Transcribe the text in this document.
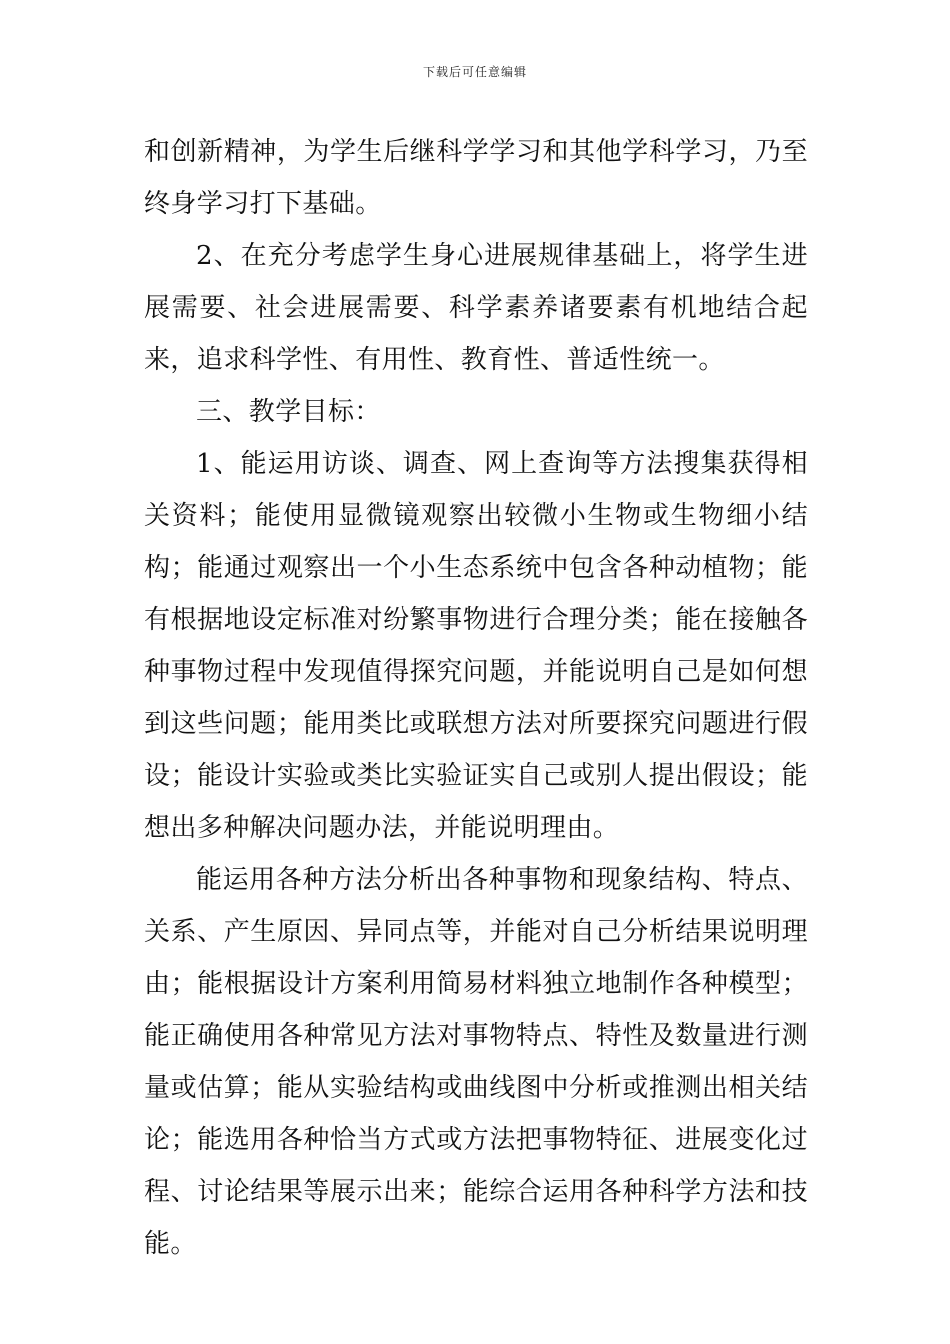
下载后可任意编辑

和创新精神，为学生后继科学学习和其他学科学习，乃至终身学习打下基础。

2、在充分考虑学生身心进展规律基础上，将学生进展需要、社会进展需要、科学素养诸要素有机地结合起来，追求科学性、有用性、教育性、普适性统一。

三、教学目标：

1、能运用访谈、调查、网上查询等方法搜集获得相关资料；能使用显微镜观察出较微小生物或生物细小结构；能通过观察出一个小生态系统中包含各种动植物；能有根据地设定标准对纷繁事物进行合理分类；能在接触各种事物过程中发现值得探究问题，并能说明自己是如何想到这些问题；能用类比或联想方法对所要探究问题进行假设；能设计实验或类比实验证实自己或别人提出假设；能想出多种解决问题办法，并能说明理由。

能运用各种方法分析出各种事物和现象结构、特点、关系、产生原因、异同点等，并能对自己分析结果说明理由；能根据设计方案利用简易材料独立地制作各种模型；能正确使用各种常见方法对事物特点、特性及数量进行测量或估算；能从实验结构或曲线图中分析或推测出相关结论；能选用各种恰当方式或方法把事物特征、进展变化过程、讨论结果等展示出来；能综合运用各种科学方法和技能。
